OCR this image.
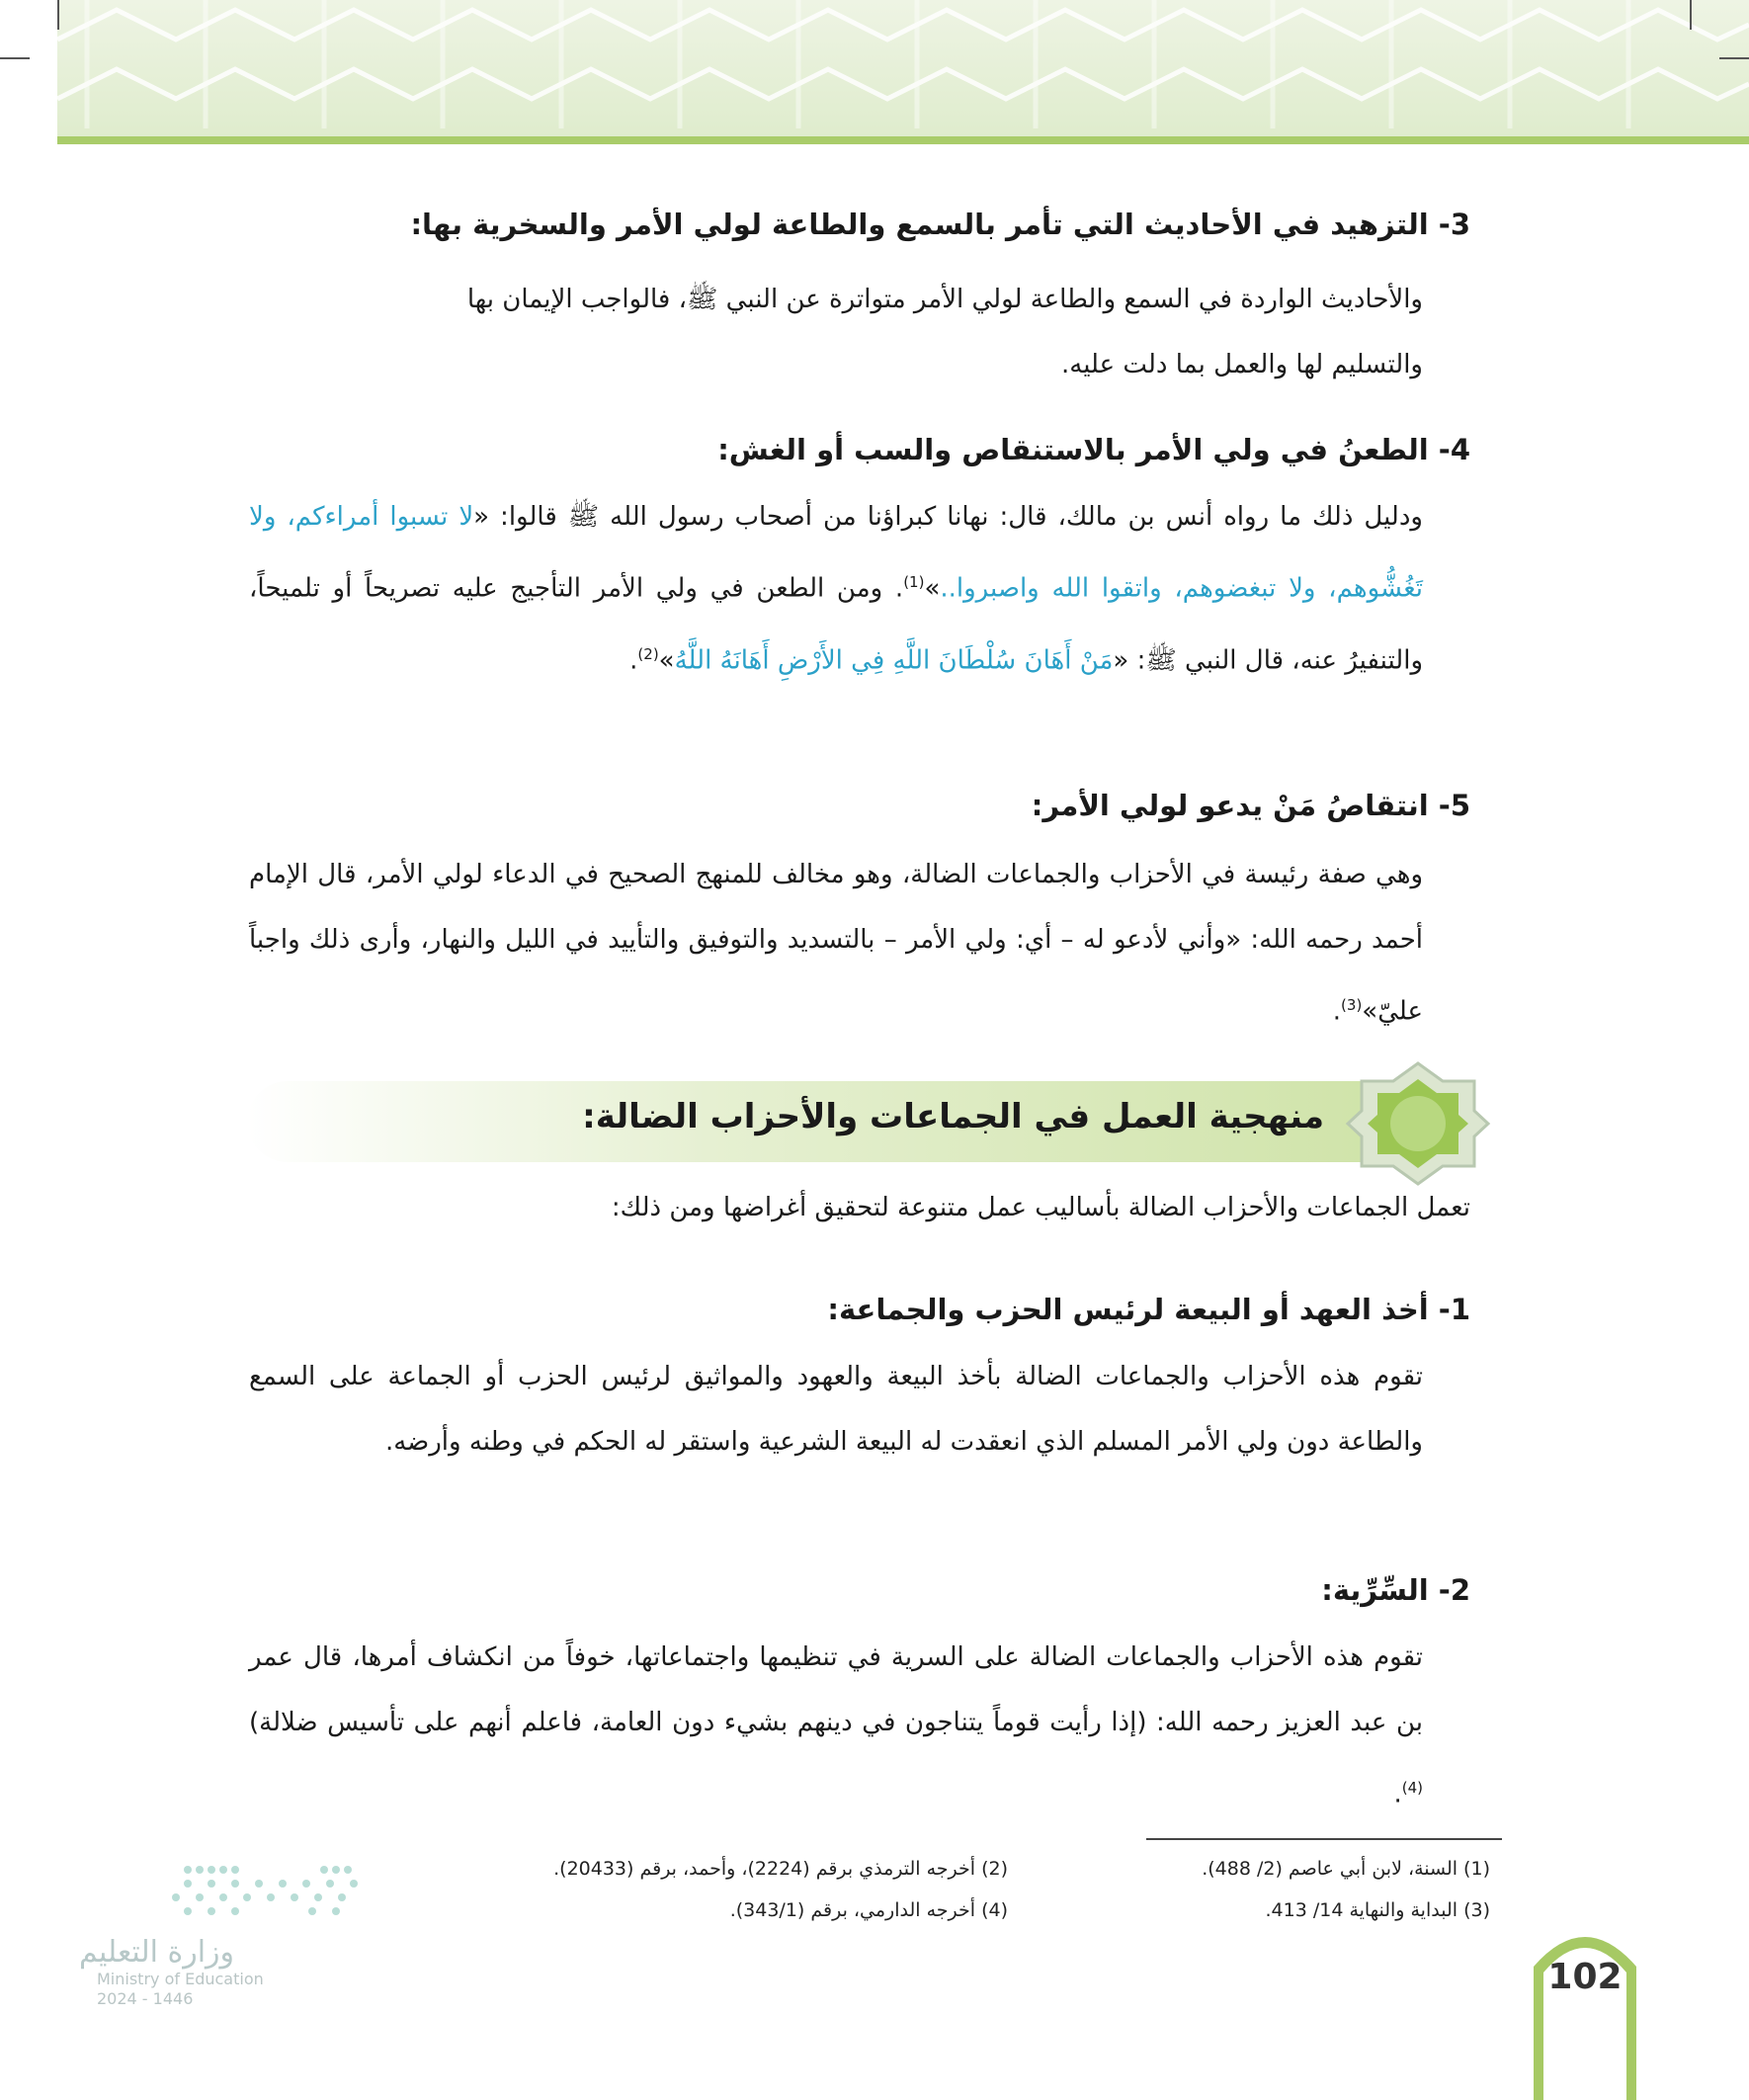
3- التزهيد في الأحاديث التي تأمر بالسمع والطاعة لولي الأمر والسخرية بها:
والأحاديث الواردة في السمع والطاعة لولي الأمر متواترة عن النبي ﷺ، فالواجب الإيمان بها
والتسليم لها والعمل بما دلت عليه.
4- الطعنُ في ولي الأمر بالاستنقاص والسب أو الغش:
ودليل ذلك ما رواه أنس بن مالك، قال: نهانا كبراؤنا من أصحاب رسول الله ﷺ قالوا: «لا تسبوا أمراءكم، ولا تَغُشُّوهم، ولا تبغضوهم، واتقوا الله واصبروا..»$^{(1)}$. ومن الطعن في ولي الأمر التأجيج عليه تصريحاً أو تلميحاً، والتنفيرُ عنه، قال النبي ﷺ: «مَنْ أَهَانَ سُلْطَانَ اللَّهِ فِي الأَرْضِ أَهَانَهُ اللَّهُ»$^{(2)}$.
5- انتقاصُ مَنْ يدعو لولي الأمر:
وهي صفة رئيسة في الأحزاب والجماعات الضالة، وهو مخالف للمنهج الصحيح في الدعاء لولي الأمر، قال الإمام أحمد رحمه الله: «وأني لأدعو له – أي: ولي الأمر – بالتسديد والتوفيق والتأييد في الليل والنهار، وأرى ذلك واجباً عليّ»$^{(3)}$.
منهجية العمل في الجماعات والأحزاب الضالة:
تعمل الجماعات والأحزاب الضالة بأساليب عمل متنوعة لتحقيق أغراضها ومن ذلك:
1- أخذ العهد أو البيعة لرئيس الحزب والجماعة:
تقوم هذه الأحزاب والجماعات الضالة بأخذ البيعة والعهود والمواثيق لرئيس الحزب أو الجماعة على السمع والطاعة دون ولي الأمر المسلم الذي انعقدت له البيعة الشرعية واستقر له الحكم في وطنه وأرضه.
2- السِّرِّية:
تقوم هذه الأحزاب والجماعات الضالة على السرية في تنظيمها واجتماعاتها، خوفاً من انكشاف أمرها، قال عمر بن عبد العزيز رحمه الله: (إذا رأيت قوماً يتناجون في دينهم بشيء دون العامة، فاعلم أنهم على تأسيس ضلالة)$^{(4)}$.
(1) السنة، لابن أبي عاصم (2/ 488).
(2) أخرجه الترمذي برقم (2224)، وأحمد، برقم (20433).
(3) البداية والنهاية 14/ 413.
(4) أخرجه الدارمي، برقم (343/1).
102
وزارة التعليم
Ministry of Education
2024 - 1446
